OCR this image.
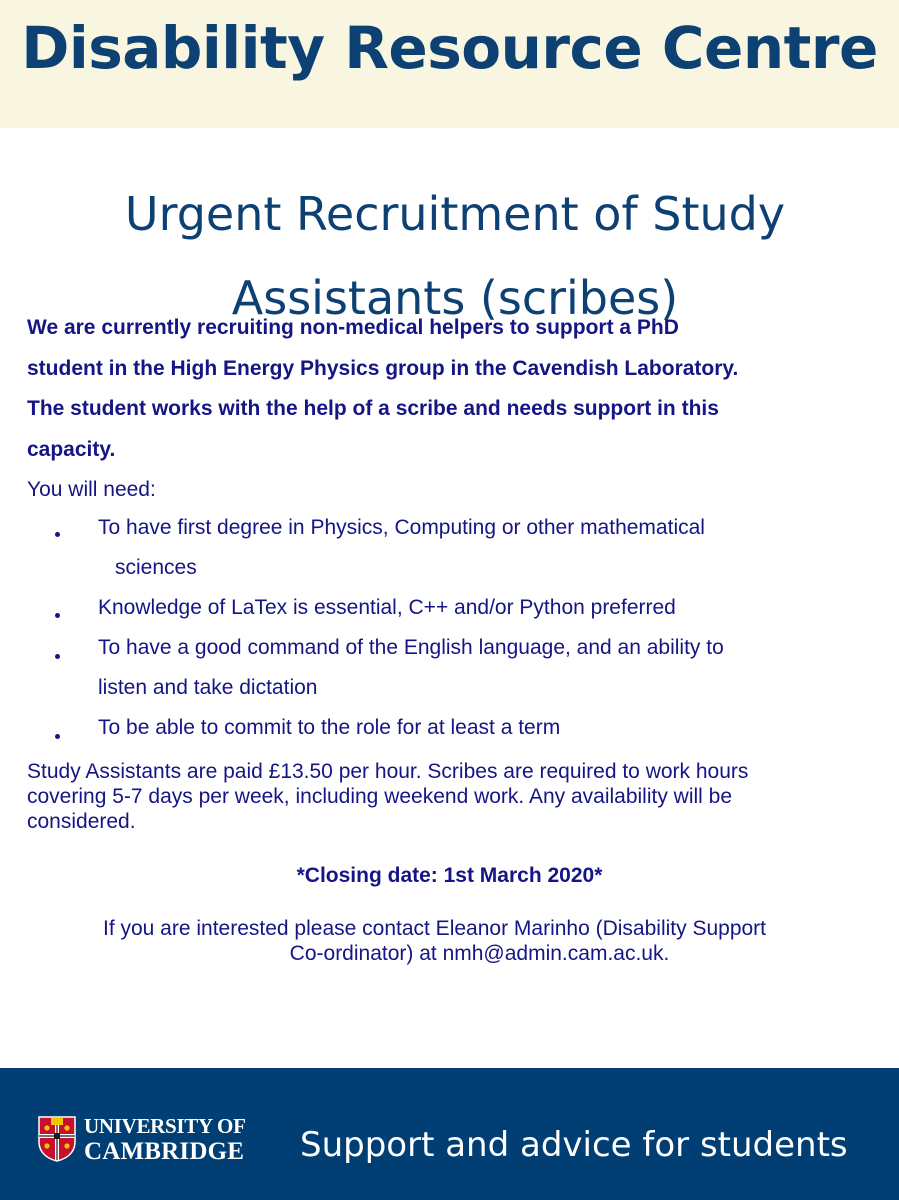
Disability Resource Centre
Urgent Recruitment of Study
Assistants (scribes)
We are currently recruiting non-medical helpers to support a PhD
student in the High Energy Physics group in the Cavendish Laboratory.
The student works with the help of a scribe and needs support in this
capacity.
You will need:
To have first degree in Physics, Computing or other mathematical
sciences
Knowledge of LaTex is essential, C++ and/or Python preferred
To have a good command of the English language, and an ability to
listen and take dictation
To be able to commit to the role for at least a term
Study Assistants are paid £13.50 per hour. Scribes are required to work hours
covering 5-7 days per week, including weekend work. Any availability will be
considered.
*Closing date: 1st March 2020*
If you are interested please contact Eleanor Marinho (Disability Support
Co-ordinator) at nmh@admin.cam.ac.uk.
UNIVERSITY OF
CAMBRIDGE Support and advice for students
